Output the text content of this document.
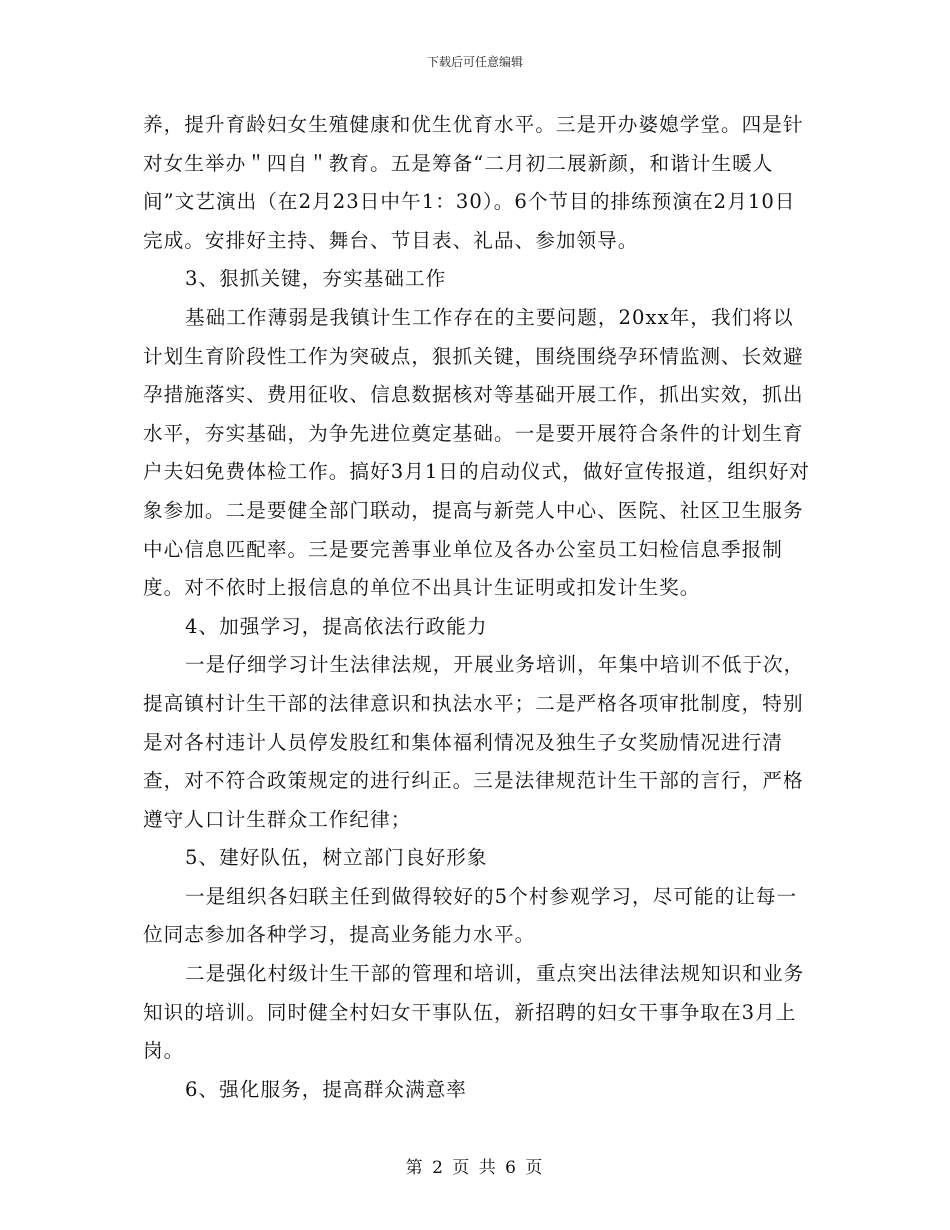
下载后可任意编辑

养，提升育龄妇女生殖健康和优生优育水平。三是开办婆媳学堂。四是针对女生举办＂四自＂教育。五是筹备“二月初二展新颜，和谐计生暖人间”文艺演出（在2月23日中午1：30）。6个节目的排练预演在2月10日完成。安排好主持、舞台、节目表、礼品、参加领导。

3、狠抓关键，夯实基础工作

基础工作薄弱是我镇计生工作存在的主要问题，20xx年，我们将以计划生育阶段性工作为突破点，狠抓关键，围绕围绕孕环情监测、长效避孕措施落实、费用征收、信息数据核对等基础开展工作，抓出实效，抓出水平，夯实基础，为争先进位奠定基础。一是要开展符合条件的计划生育户夫妇免费体检工作。搞好3月1日的启动仪式，做好宣传报道，组织好对象参加。二是要健全部门联动，提高与新莞人中心、医院、社区卫生服务中心信息匹配率。三是要完善事业单位及各办公室员工妇检信息季报制度。对不依时上报信息的单位不出具计生证明或扣发计生奖。

4、加强学习，提高依法行政能力

一是仔细学习计生法律法规，开展业务培训，年集中培训不低于次，提高镇村计生干部的法律意识和执法水平；二是严格各项审批制度，特别是对各村违计人员停发股红和集体福利情况及独生子女奖励情况进行清查，对不符合政策规定的进行纠正。三是法律规范计生干部的言行，严格遵守人口计生群众工作纪律；

5、建好队伍，树立部门良好形象

一是组织各妇联主任到做得较好的5个村参观学习，尽可能的让每一位同志参加各种学习，提高业务能力水平。

二是强化村级计生干部的管理和培训，重点突出法律法规知识和业务知识的培训。同时健全村妇女干事队伍，新招聘的妇女干事争取在3月上岗。

6、强化服务，提高群众满意率

第 2 页 共 6 页
